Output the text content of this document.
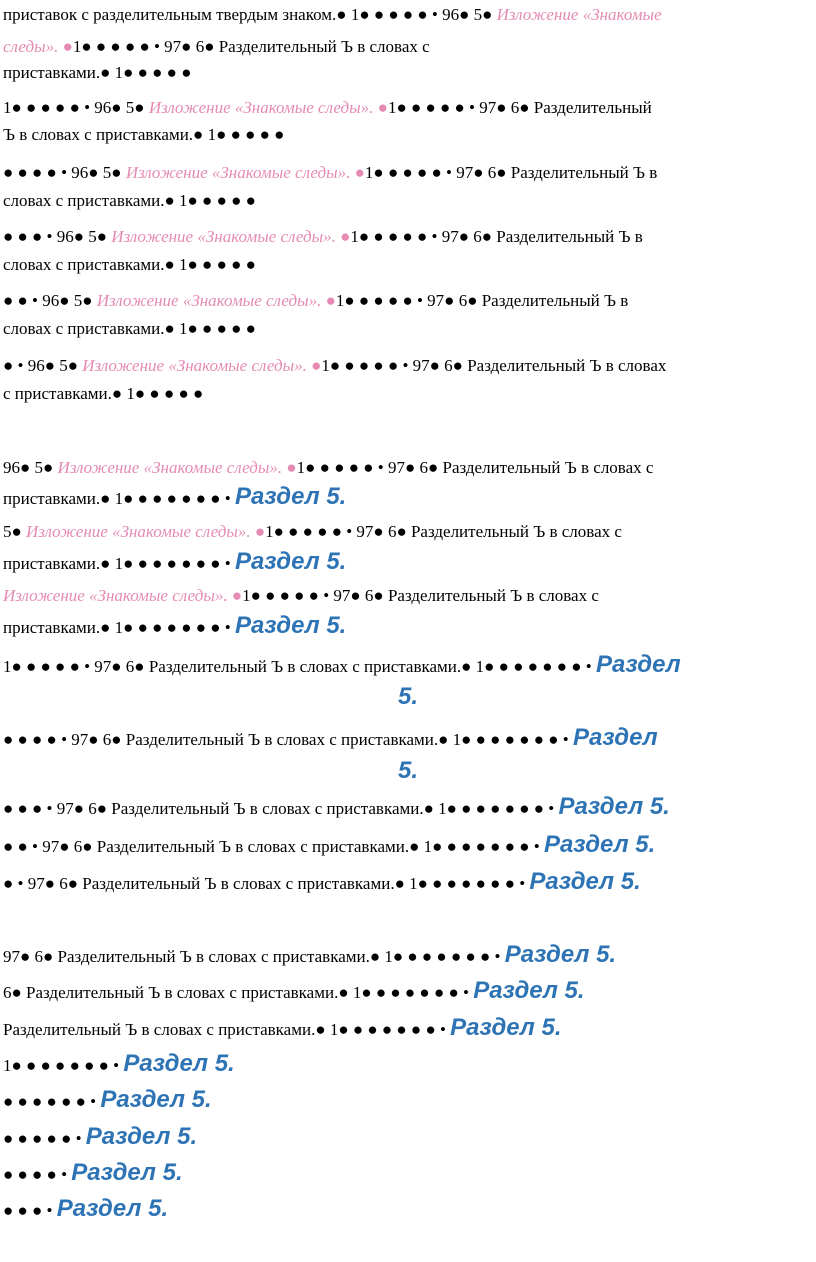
приставок с разделительным твердым знаком.● 1● ● ● ● ● • 96● 5● Изложение «Знакомые
следы». ●1● ● ● ● ● • 97● 6● Разделительный Ъ в словах с
приставками.● 1● ● ● ● ●
1● ● ● ● ● • 96● 5● Изложение «Знакомые следы». ●1● ● ● ● ● • 97● 6● Разделительный
Ъ в словах с приставками.● 1● ● ● ● ●
● ● ● ● • 96● 5● Изложение «Знакомые следы». ●1● ● ● ● ● • 97● 6● Разделительный Ъ в
словах с приставками.● 1● ● ● ● ●
● ● ● • 96● 5● Изложение «Знакомые следы». ●1● ● ● ● ● • 97● 6● Разделительный Ъ в
словах с приставками.● 1● ● ● ● ●
● ● • 96● 5● Изложение «Знакомые следы». ●1● ● ● ● ● • 97● 6● Разделительный Ъ в
словах с приставками.● 1● ● ● ● ●
● • 96● 5● Изложение «Знакомые следы». ●1● ● ● ● ● • 97● 6● Разделительный Ъ в словах
с приставками.● 1● ● ● ● ●
96● 5● Изложение «Знакомые следы». ●1● ● ● ● ● • 97● 6● Разделительный Ъ в словах с
приставками.● 1● ● ● ● ● ● ● • Раздел 5.
5● Изложение «Знакомые следы». ●1● ● ● ● ● • 97● 6● Разделительный Ъ в словах с
приставками.● 1● ● ● ● ● ● ● • Раздел 5.
Изложение «Знакомые следы». ●1● ● ● ● ● • 97● 6● Разделительный Ъ в словах с
приставками.● 1● ● ● ● ● ● ● • Раздел 5.
1● ● ● ● ● • 97● 6● Разделительный Ъ в словах с приставками.● 1● ● ● ● ● ● ● • Раздел
5.
● ● ● ● • 97● 6● Разделительный Ъ в словах с приставками.● 1● ● ● ● ● ● ● • Раздел
5.
● ● ● • 97● 6● Разделительный Ъ в словах с приставками.● 1● ● ● ● ● ● ● • Раздел 5.
● ● • 97● 6● Разделительный Ъ в словах с приставками.● 1● ● ● ● ● ● ● • Раздел 5.
● • 97● 6● Разделительный Ъ в словах с приставками.● 1● ● ● ● ● ● ● • Раздел 5.
97● 6● Разделительный Ъ в словах с приставками.● 1● ● ● ● ● ● ● • Раздел 5.
6● Разделительный Ъ в словах с приставками.● 1● ● ● ● ● ● ● • Раздел 5.
Разделительный Ъ в словах с приставками.● 1● ● ● ● ● ● ● • Раздел 5.
1● ● ● ● ● ● ● • Раздел 5.
● ● ● ● ● ● • Раздел 5.
● ● ● ● ● • Раздел 5.
● ● ● ● • Раздел 5.
● ● ● • Раздел 5.
